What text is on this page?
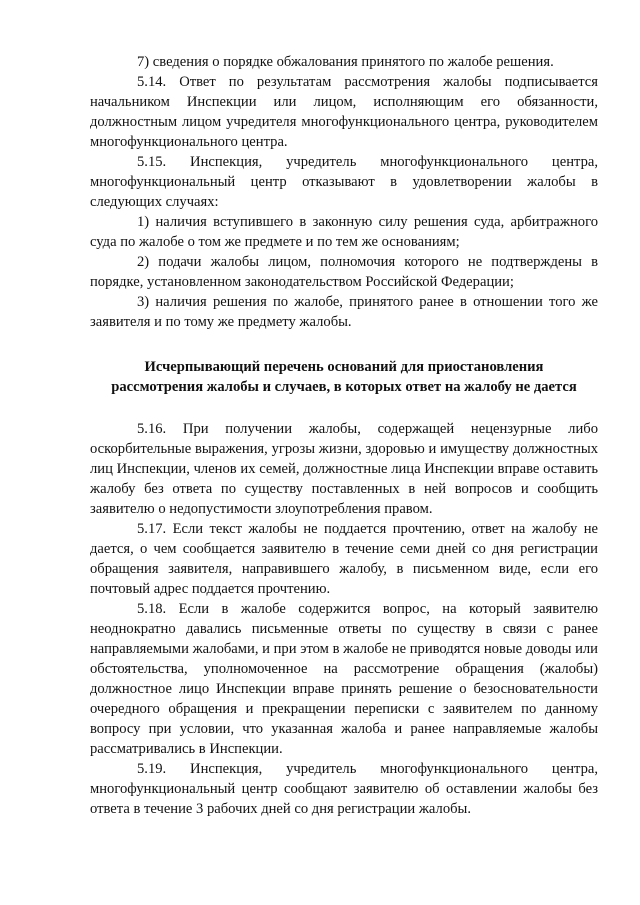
7) сведения о порядке обжалования принятого по жалобе решения.

5.14. Ответ по результатам рассмотрения жалобы подписывается начальником Инспекции или лицом, исполняющим его обязанности, должностным лицом учредителя многофункционального центра, руководителем многофункционального центра.

5.15. Инспекция, учредитель многофункционального центра, многофункциональный центр отказывают в удовлетворении жалобы в следующих случаях:

1) наличия вступившего в законную силу решения суда, арбитражного суда по жалобе о том же предмете и по тем же основаниям;

2) подачи жалобы лицом, полномочия которого не подтверждены в порядке, установленном законодательством Российской Федерации;

3) наличия решения по жалобе, принятого ранее в отношении того же заявителя и по тому же предмету жалобы.

Исчерпывающий перечень оснований для приостановления
рассмотрения жалобы и случаев, в которых ответ на жалобу не дается

5.16. При получении жалобы, содержащей нецензурные либо оскорбительные выражения, угрозы жизни, здоровью и имуществу должностных лиц Инспекции, членов их семей, должностные лица Инспекции вправе оставить жалобу без ответа по существу поставленных в ней вопросов и сообщить заявителю о недопустимости злоупотребления правом.

5.17. Если текст жалобы не поддается прочтению, ответ на жалобу не дается, о чем сообщается заявителю в течение семи дней со дня регистрации обращения заявителя, направившего жалобу, в письменном виде, если его почтовый адрес поддается прочтению.

5.18. Если в жалобе содержится вопрос, на который заявителю неоднократно давались письменные ответы по существу в связи с ранее направляемыми жалобами, и при этом в жалобе не приводятся новые доводы или обстоятельства, уполномоченное на рассмотрение обращения (жалобы) должностное лицо Инспекции вправе принять решение о безосновательности очередного обращения и прекращении переписки с заявителем по данному вопросу при условии, что указанная жалоба и ранее направляемые жалобы рассматривались в Инспекции.

5.19. Инспекция, учредитель многофункционального центра, многофункциональный центр сообщают заявителю об оставлении жалобы без ответа в течение 3 рабочих дней со дня регистрации жалобы.
